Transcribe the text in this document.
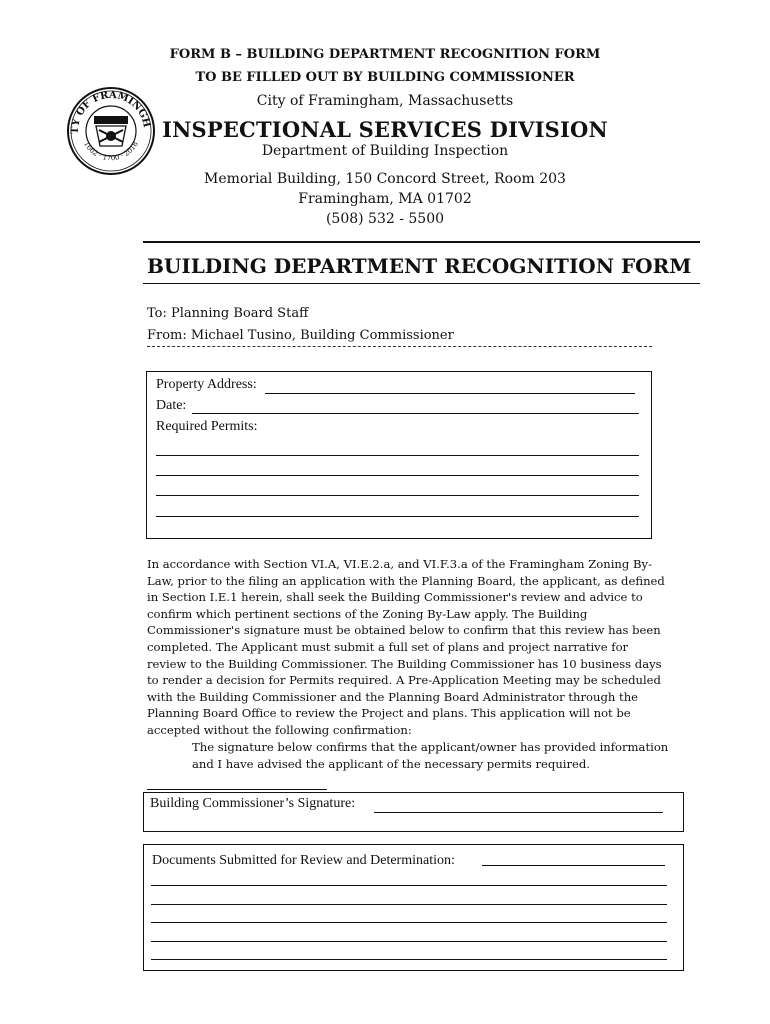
FORM B – BUILDING DEPARTMENT RECOGNITION FORM
TO BE FILLED OUT BY BUILDING COMMISSIONER
City of Framingham, Massachusetts
INSPECTIONAL SERVICES DIVISION
Department of Building Inspection
Memorial Building, 150 Concord Street, Room 203
Framingham, MA 01702
(508) 532 - 5500
TY OF FRAMINGH
1662 · 1700 · 2018
BUILDING DEPARTMENT RECOGNITION FORM
To: Planning Board Staff
From: Michael Tusino, Building Commissioner
Property Address:
Date:
Required Permits:
In accordance with Section VI.A, VI.E.2.a, and VI.F.3.a of the Framingham Zoning By-Law, prior to the filing an application with the Planning Board, the applicant, as defined in Section I.E.1 herein, shall seek the Building Commissioner's review and advice to confirm which pertinent sections of the Zoning By-Law apply. The Building Commissioner's signature must be obtained below to confirm that this review has been completed. The Applicant must submit a full set of plans and project narrative for review to the Building Commissioner. The Building Commissioner has 10 business days to render a decision for Permits required. A Pre-Application Meeting may be scheduled with the Building Commissioner and the Planning Board Administrator through the Planning Board Office to review the Project and plans. This application will not be accepted without the following confirmation:
The signature below confirms that the applicant/owner has provided information and I have advised the applicant of the necessary permits required.
Building Commissioner’s Signature:
Documents Submitted for Review and Determination:
